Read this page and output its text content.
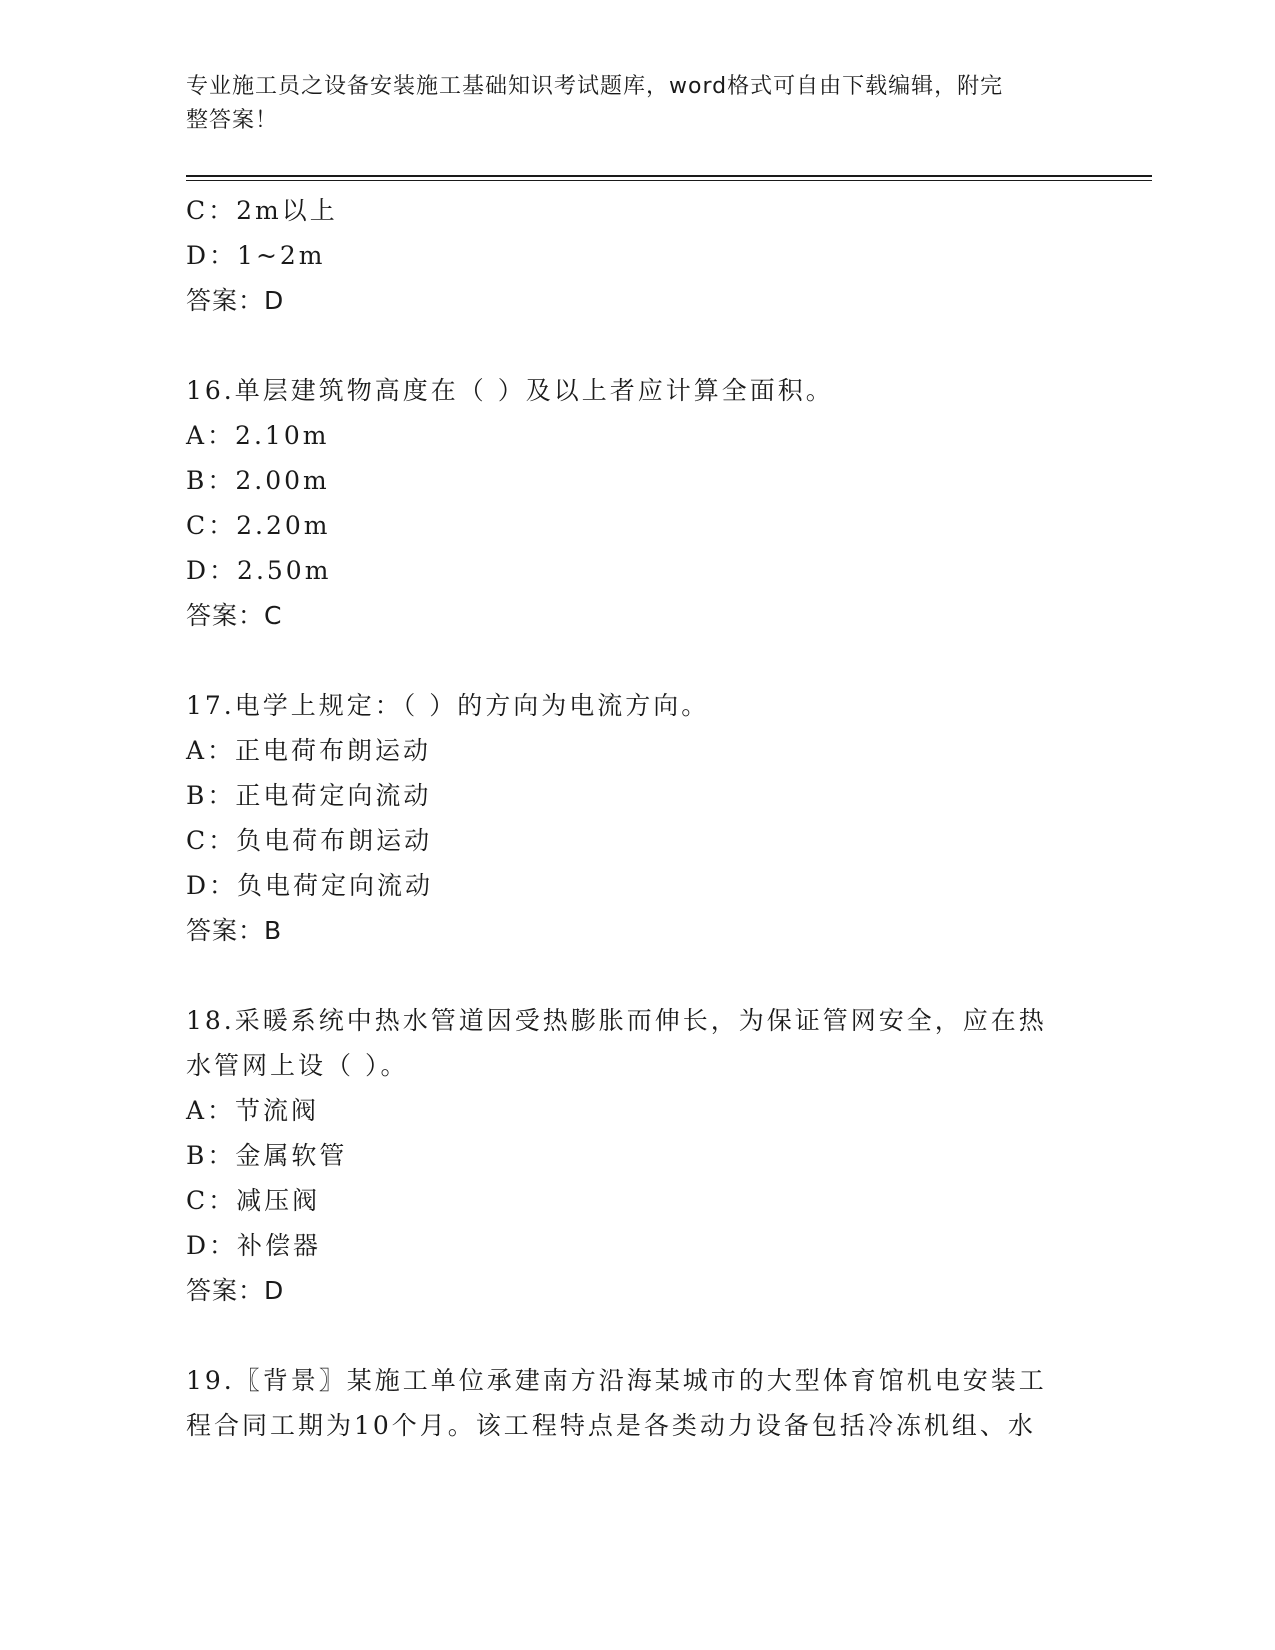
专业施工员之设备安装施工基础知识考试题库，word格式可自由下载编辑，附完
整答案！
C：2m以上
D：1~2m
答案：D
16.单层建筑物高度在（ ）及以上者应计算全面积。
A：2.10m
B：2.00m
C：2.20m
D：2.50m
答案：C
17.电学上规定：（ ）的方向为电流方向。
A：正电荷布朗运动
B：正电荷定向流动
C：负电荷布朗运动
D：负电荷定向流动
答案：B
18.采暖系统中热水管道因受热膨胀而伸长，为保证管网安全，应在热
水管网上设（ ）。
A：节流阀
B：金属软管
C：减压阀
D：补偿器
答案：D
19.〖背景〗某施工单位承建南方沿海某城市的大型体育馆机电安装工
程合同工期为10个月。该工程特点是各类动力设备包括冷冻机组、水
